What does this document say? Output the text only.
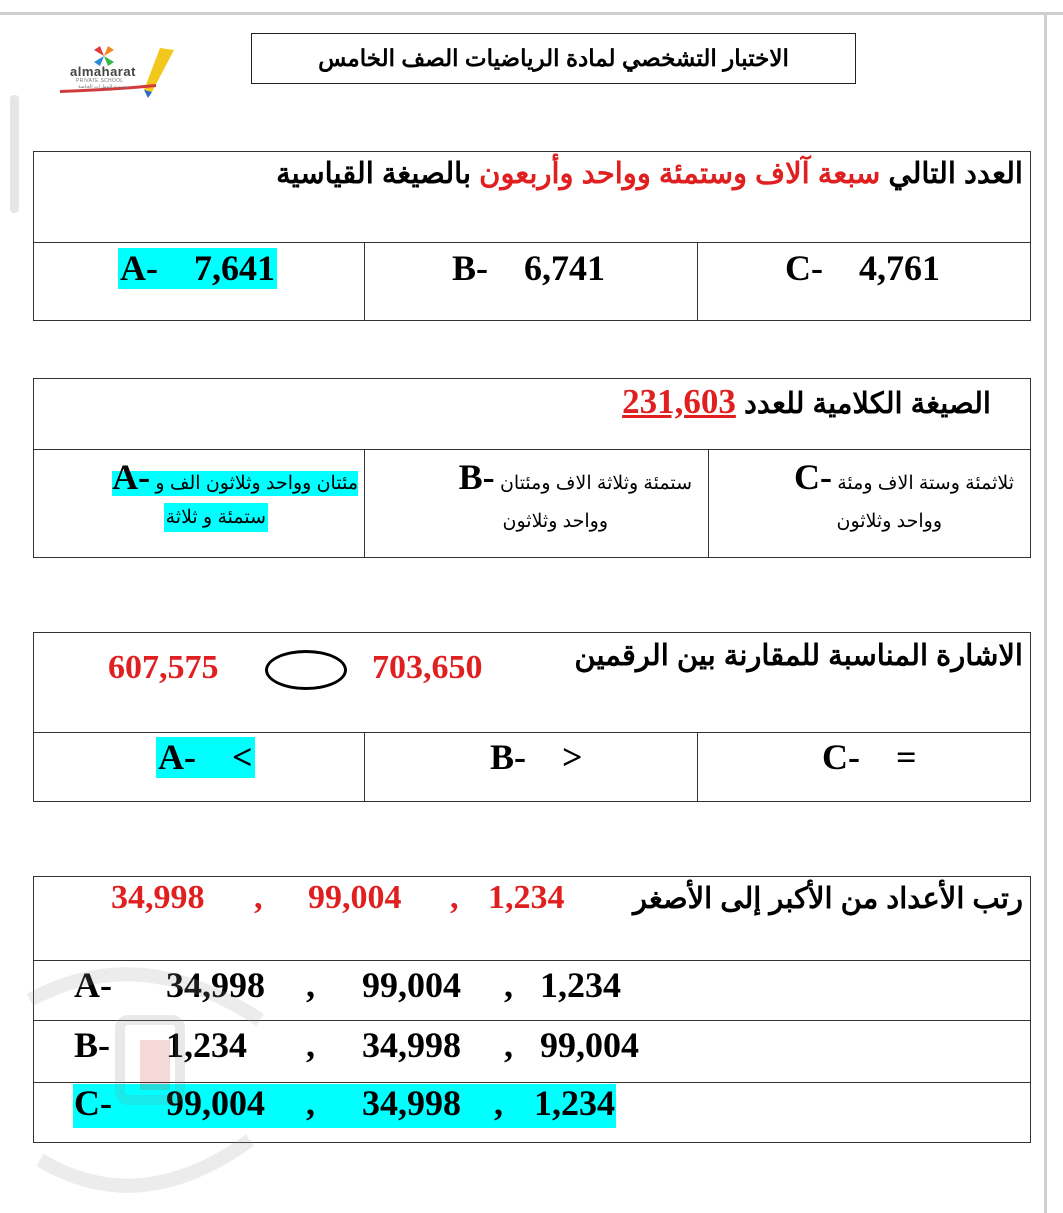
almaharat
PRIVATE SCHOOL
مدرسة المهارات الخاصة
الاختبار التشخصي لمادة الرياضيات الصف الخامس
العدد التالي سبعة آلاف وستمئة وواحد وأربعون بالصيغة القياسية
A- 7,641	B- 6,741	C- 4,761
الصيغة الكلامية للعدد 231,603
مئتان وواحد وثلاثون الف و A-
ستمئة و ثلاثة
ستمئة وثلاثة الاف ومئتان B-
وواحد وثلاثون
ثلاثمئة وستة الاف ومئة C-
وواحد وثلاثون
الاشارة المناسبة للمقارنة بين الرقمين
703,650
607,575
A- <	B- >	C- =
رتب الأعداد من الأكبر إلى الأصغر
1,234
,
99,004
,
34,998
A- 34,998 , 99,004 , 1,234
B- 1,234 , 34,998 , 99,004
C- 99,004 , 34,998 , 1,234
